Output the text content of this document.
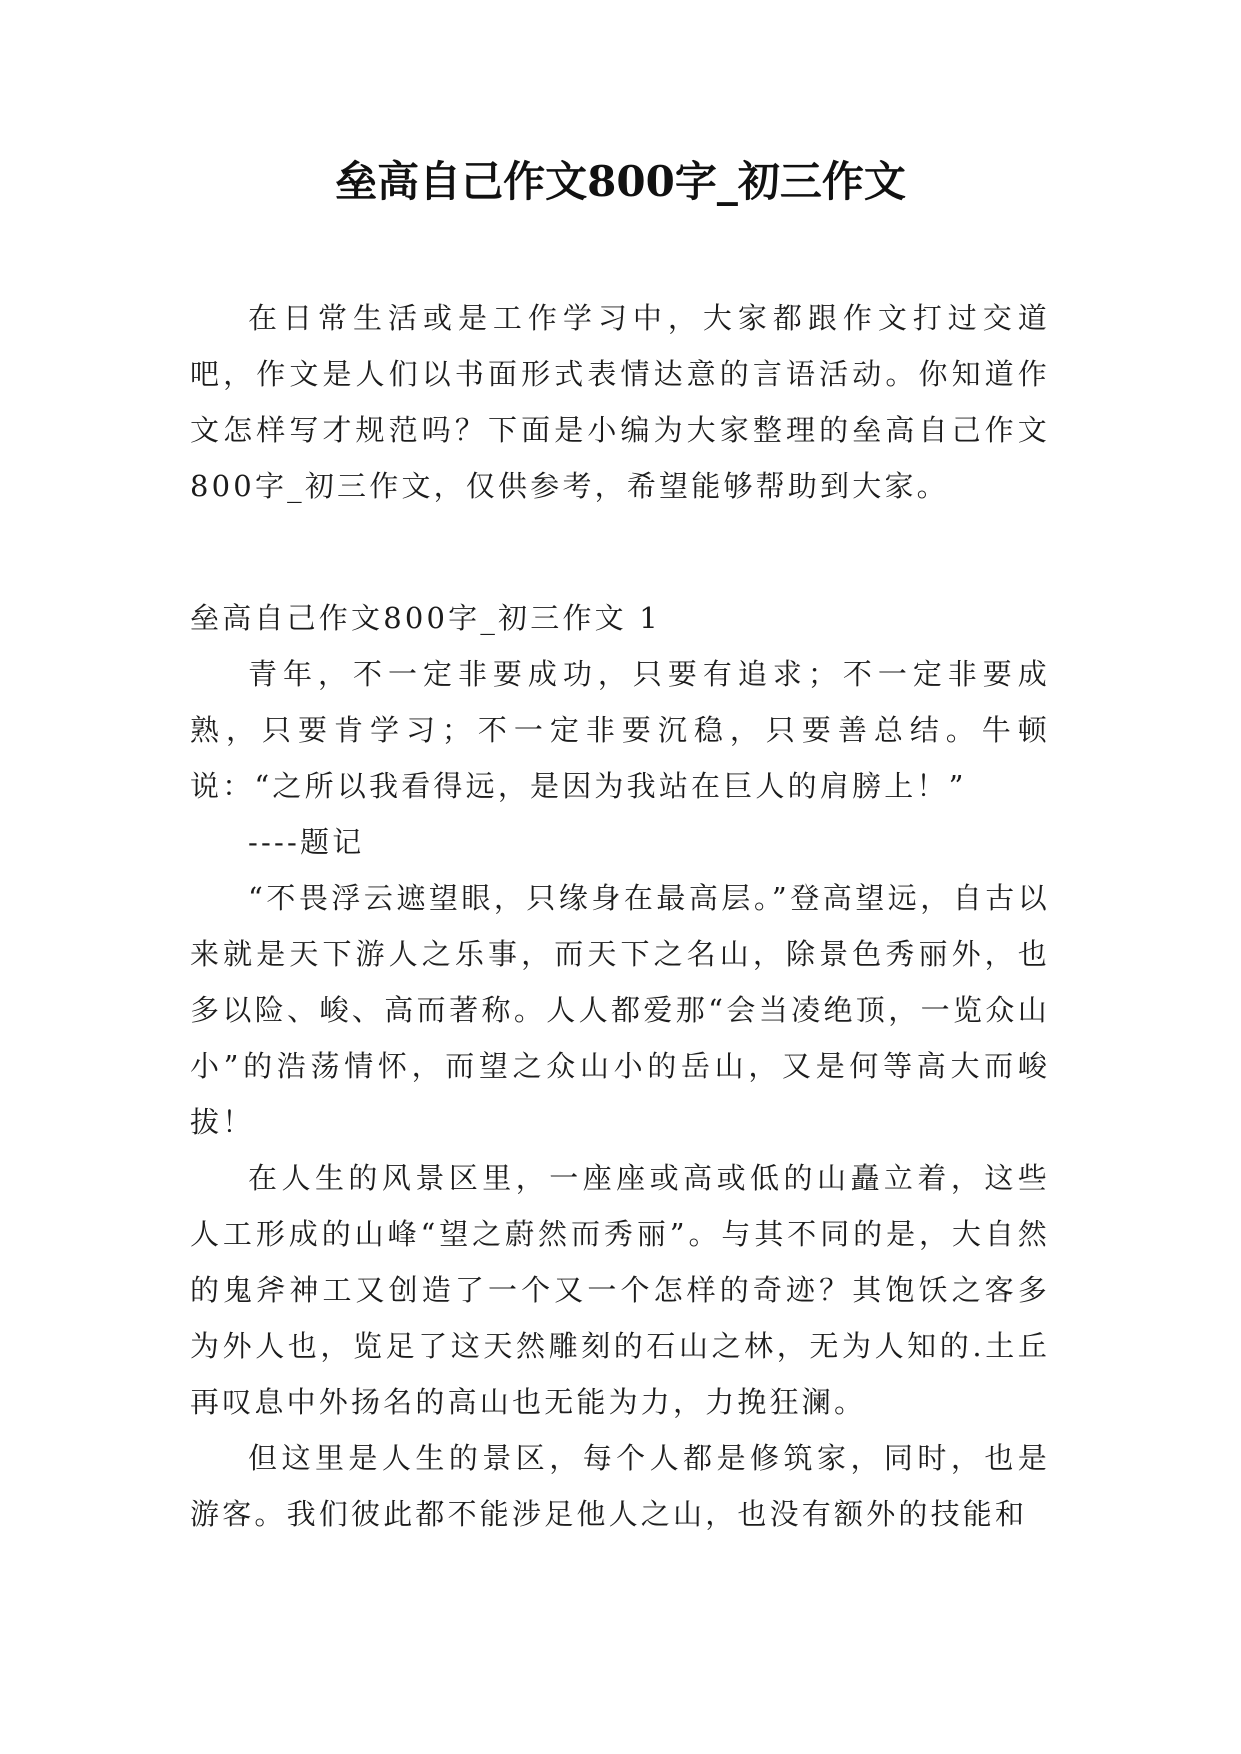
垒高自己作文800字_初三作文

在日常生活或是工作学习中，大家都跟作文打过交道吧，作文是人们以书面形式表情达意的言语活动。你知道作文怎样写才规范吗？下面是小编为大家整理的垒高自己作文800字_初三作文，仅供参考，希望能够帮助到大家。

垒高自己作文800字_初三作文 1

青年，不一定非要成功，只要有追求；不一定非要成熟，只要肯学习；不一定非要沉稳，只要善总结。牛顿说：“之所以我看得远，是因为我站在巨人的肩膀上！”

----题记

“不畏浮云遮望眼，只缘身在最高层。”登高望远，自古以来就是天下游人之乐事，而天下之名山，除景色秀丽外，也多以险、峻、高而著称。人人都爱那“会当凌绝顶，一览众山小”的浩荡情怀，而望之众山小的岳山，又是何等高大而峻拔！

在人生的风景区里，一座座或高或低的山矗立着，这些人工形成的山峰“望之蔚然而秀丽”。与其不同的是，大自然的鬼斧神工又创造了一个又一个怎样的奇迹？其饱饫之客多为外人也，览足了这天然雕刻的石山之林，无为人知的.土丘再叹息中外扬名的高山也无能为力，力挽狂澜。

但这里是人生的景区，每个人都是修筑家，同时，也是游客。我们彼此都不能涉足他人之山，也没有额外的技能和
